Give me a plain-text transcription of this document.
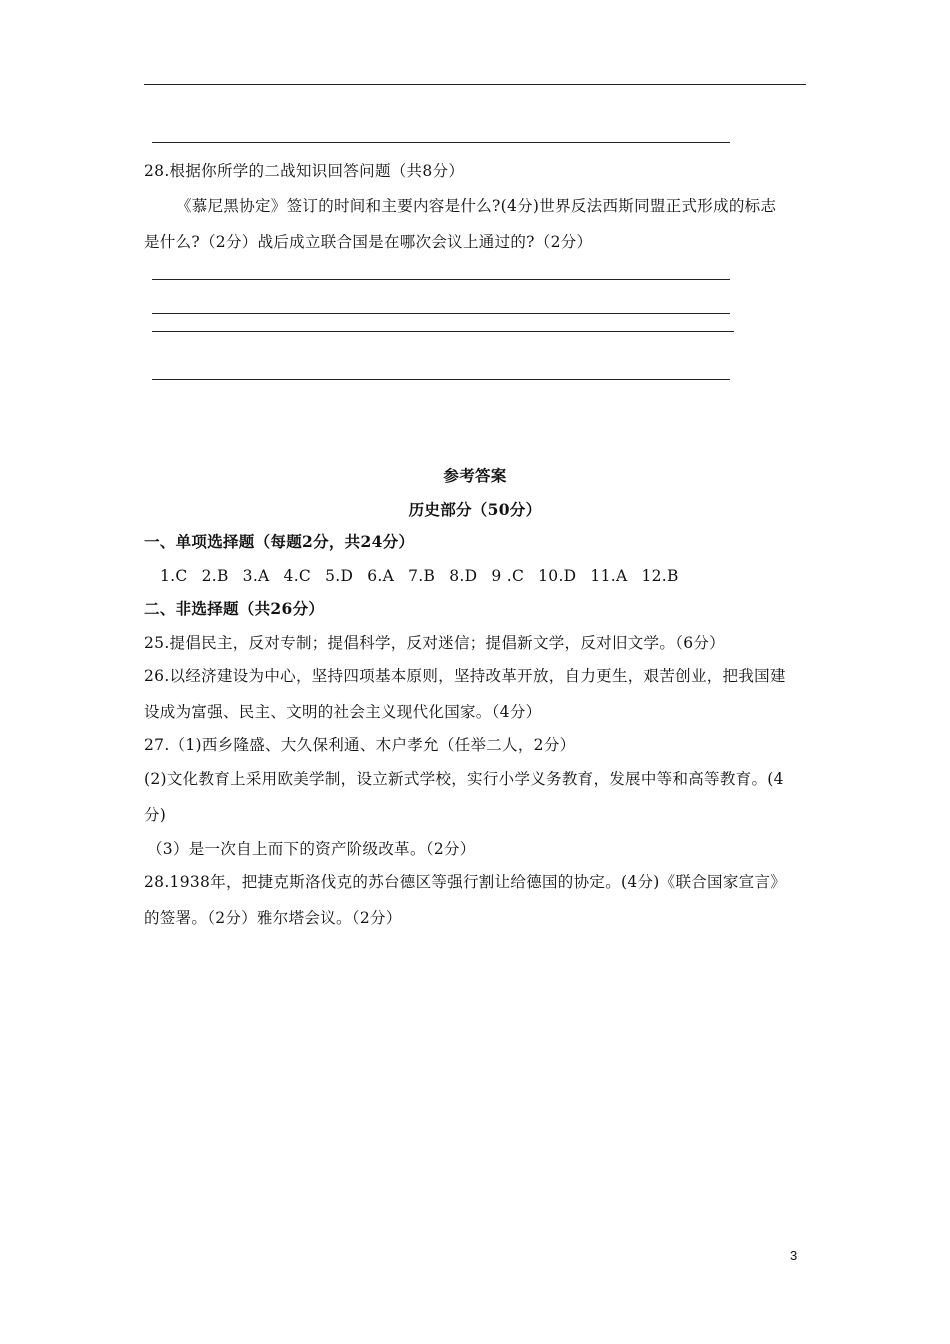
28.根据你所学的二战知识回答问题（共8分）
《慕尼黑协定》签订的时间和主要内容是什么?(4分)世界反法西斯同盟正式形成的标志
是什么?（2分）战后成立联合国是在哪次会议上通过的?（2分）
参考答案
历史部分（50分）
一、单项选择题（每题2分，共24分）
1.C 2.B 3.A 4.C 5.D 6.A 7.B 8.D 9 .C 10.D 11.A 12.B
二、非选择题（共26分）
25.提倡民主，反对专制；提倡科学，反对迷信；提倡新文学，反对旧文学。（6分）
26.以经济建设为中心，坚持四项基本原则，坚持改革开放，自力更生，艰苦创业，把我国建
设成为富强、民主、文明的社会主义现代化国家。（4分）
27.（1)西乡隆盛、大久保利通、木户孝允（任举二人，2分）
(2)文化教育上采用欧美学制，设立新式学校，实行小学义务教育，发展中等和高等教育。(4
分)
（3）是一次自上而下的资产阶级改革。（2分）
28.1938年，把捷克斯洛伐克的苏台德区等强行割让给德国的协定。(4分)《联合国家宣言》
的签署。（2分）雅尔塔会议。（2分）
3
